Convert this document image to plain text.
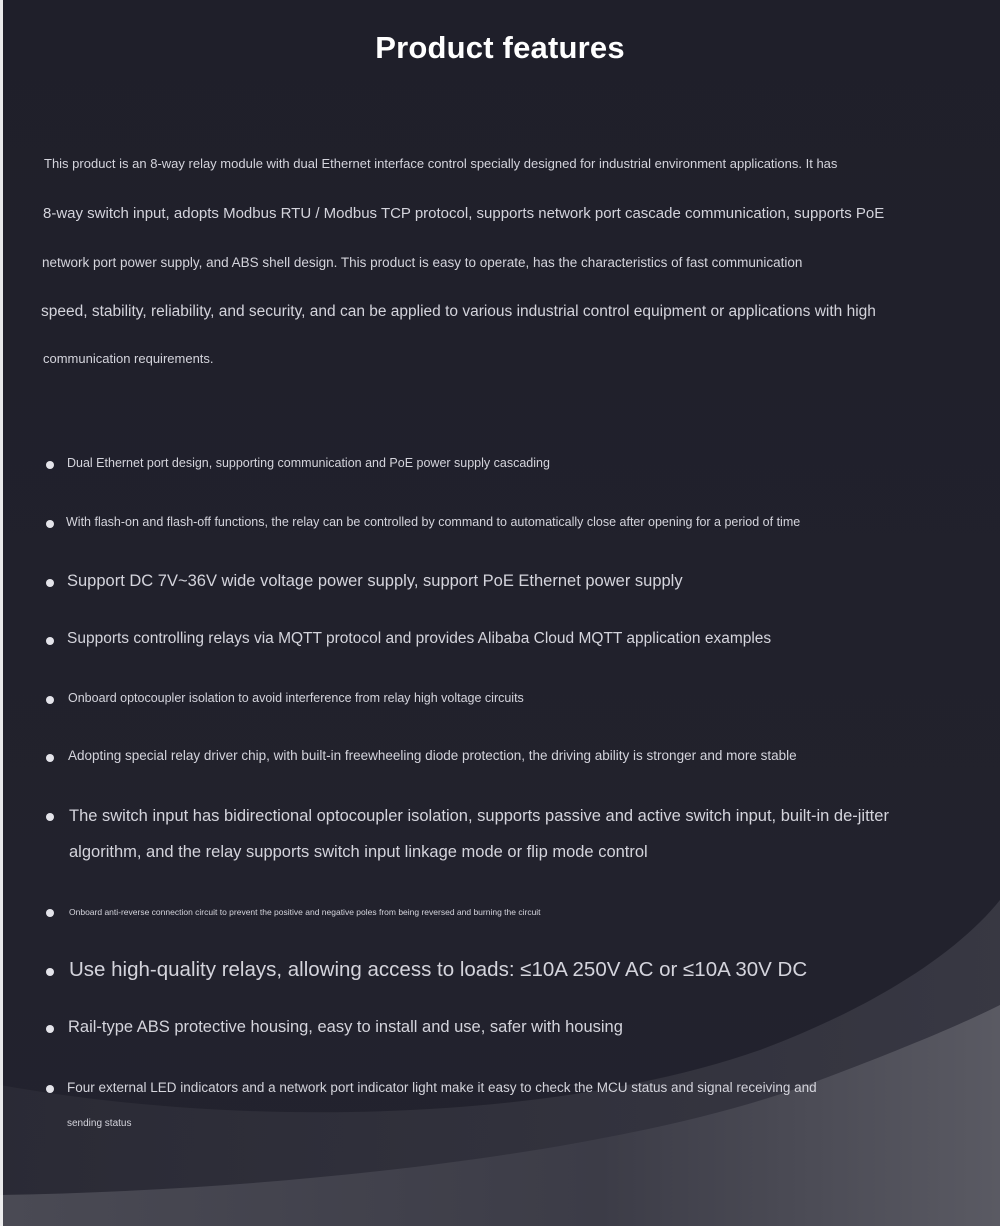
Product features
This product is an 8-way relay module with dual Ethernet interface control specially designed for industrial environment applications. It has
8-way switch input, adopts Modbus RTU / Modbus TCP protocol, supports network port cascade communication, supports PoE
network port power supply, and ABS shell design. This product is easy to operate, has the characteristics of fast communication
speed, stability, reliability, and security, and can be applied to various industrial control equipment or applications with high
communication requirements.
Dual Ethernet port design, supporting communication and PoE power supply cascading
With flash-on and flash-off functions, the relay can be controlled by command to automatically close after opening for a period of time
Support DC 7V~36V wide voltage power supply, support PoE Ethernet power supply
Supports controlling relays via MQTT protocol and provides Alibaba Cloud MQTT application examples
Onboard optocoupler isolation to avoid interference from relay high voltage circuits
Adopting special relay driver chip, with built-in freewheeling diode protection, the driving ability is stronger and more stable
The switch input has bidirectional optocoupler isolation, supports passive and active switch input, built-in de-jitter
algorithm, and the relay supports switch input linkage mode or flip mode control
Onboard anti-reverse connection circuit to prevent the positive and negative poles from being reversed and burning the circuit
Use high-quality relays, allowing access to loads: ≤10A 250V AC or ≤10A 30V DC
Rail-type ABS protective housing, easy to install and use, safer with housing
Four external LED indicators and a network port indicator light make it easy to check the MCU status and signal receiving and
sending status
